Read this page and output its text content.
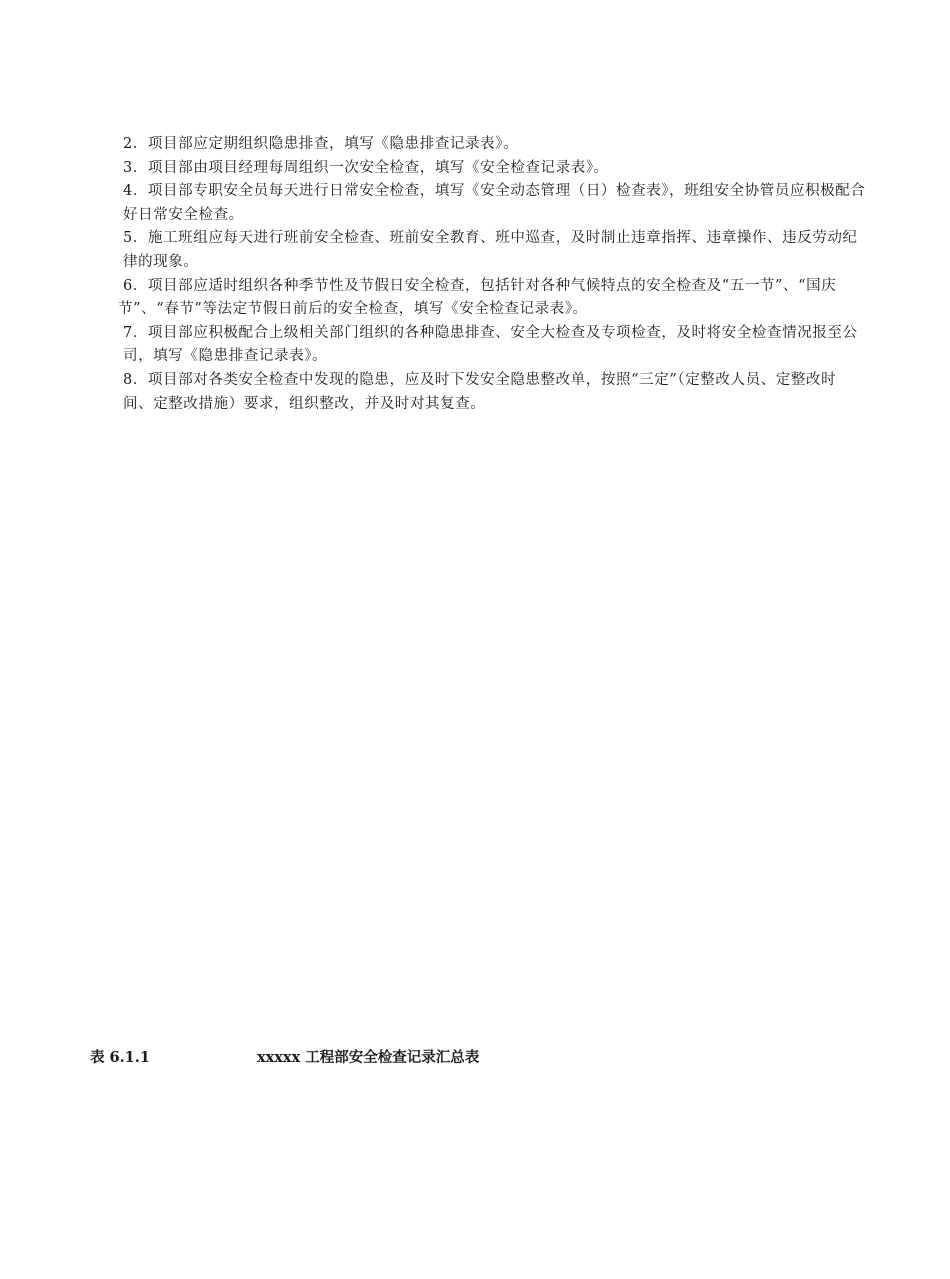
2．项目部应定期组织隐患排查，填写《隐患排查记录表》。

3．项目部由项目经理每周组织一次安全检查，填写《安全检查记录表》。

4．项目部专职安全员每天进行日常安全检查，填写《安全动态管理（日）检查表》，班组安全协管员应积极配合好日常安全检查。

5．施工班组应每天进行班前安全检查、班前安全教育、班中巡查，及时制止违章指挥、违章操作、违反劳动纪律的现象。

6．项目部应适时组织各种季节性及节假日安全检查，包括针对各种气候特点的安全检查及“五一节”、“国庆节”、“春节”等法定节假日前后的安全检查，填写《安全检查记录表》。

7．项目部应积极配合上级相关部门组织的各种隐患排查、安全大检查及专项检查，及时将安全检查情况报至公司，填写《隐患排查记录表》。

8．项目部对各类安全检查中发现的隐患，应及时下发安全隐患整改单，按照“三定”（定整改人员、定整改时间、定整改措施）要求，组织整改，并及时对其复查。

表 6.1.1	xxxxx 工程部安全检查记录汇总表
